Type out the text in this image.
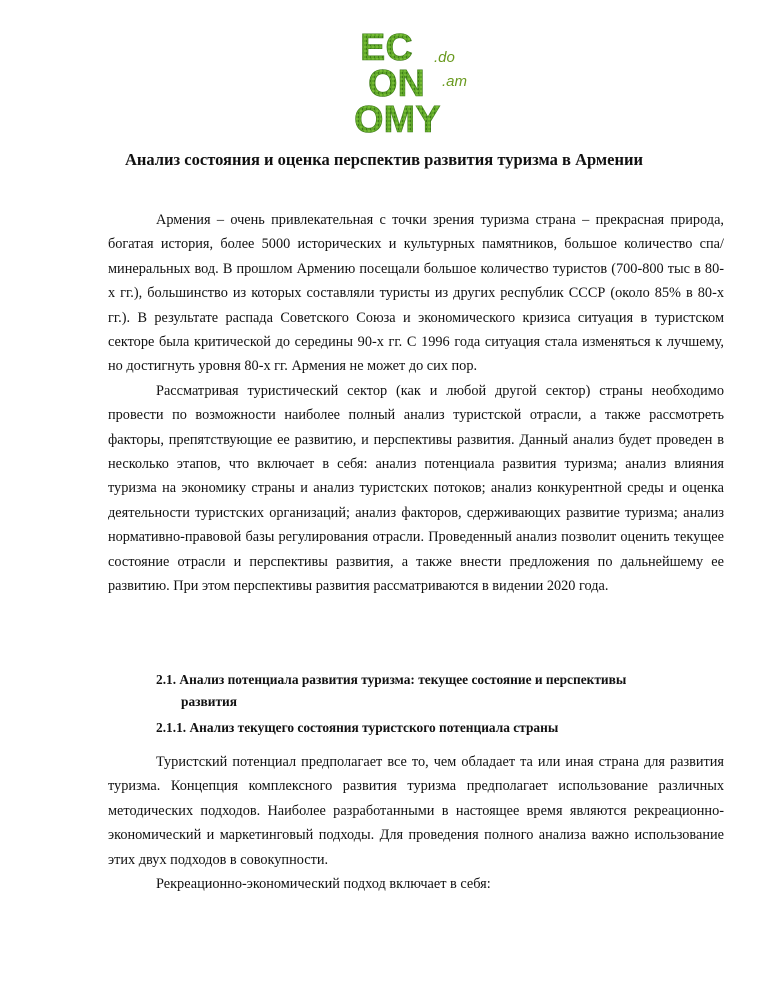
EC
ON
OMY
.do
.am
Анализ состояния и оценка перспектив развития туризма в Армении

Армения – очень привлекательная с точки зрения туризма страна – прекрасная природа, богатая история, более 5000 исторических и культурных памятников, большое количество спа/минеральных вод. В прошлом Армению посещали большое количество туристов (700-800 тыс в 80-х гг.), большинство из которых составляли туристы из других республик СССР (около 85% в 80-х гг.). В результате распада Советского Союза и экономического кризиса ситуация в туристском секторе была критической до середины 90-х гг. С 1996 года ситуация стала изменяться к лучшему, но достигнуть уровня 80-х гг. Армения не может до сих пор.

Рассматривая туристический сектор (как и любой другой сектор) страны необходимо провести по возможности наиболее полный анализ туристской отрасли, а также рассмотреть факторы, препятствующие ее развитию, и перспективы развития. Данный анализ будет проведен в несколько этапов, что включает в себя: анализ потенциала развития туризма; анализ влияния туризма на экономику страны и анализ туристских потоков; анализ конкурентной среды и оценка деятельности туристских организаций; анализ факторов, сдерживающих развитие туризма; анализ нормативно-правовой базы регулирования отрасли. Проведенный анализ позволит оценить текущее состояние отрасли и перспективы развития, а также внести предложения по дальнейшему ее развитию. При этом перспективы развития рассматриваются в видении 2020 года.

2.1. Анализ потенциала развития туризма: текущее состояние и перспективы
развития
2.1.1. Анализ текущего состояния туристского потенциала страны

Туристский потенциал предполагает все то, чем обладает та или иная страна для развития туризма. Концепция комплексного развития туризма предполагает использование различных методических подходов. Наиболее разработанными в настоящее время являются рекреационно-экономический и маркетинговый подходы. Для проведения полного анализа важно использование этих двух подходов в совокупности.

Рекреационно-экономический подход включает в себя:
